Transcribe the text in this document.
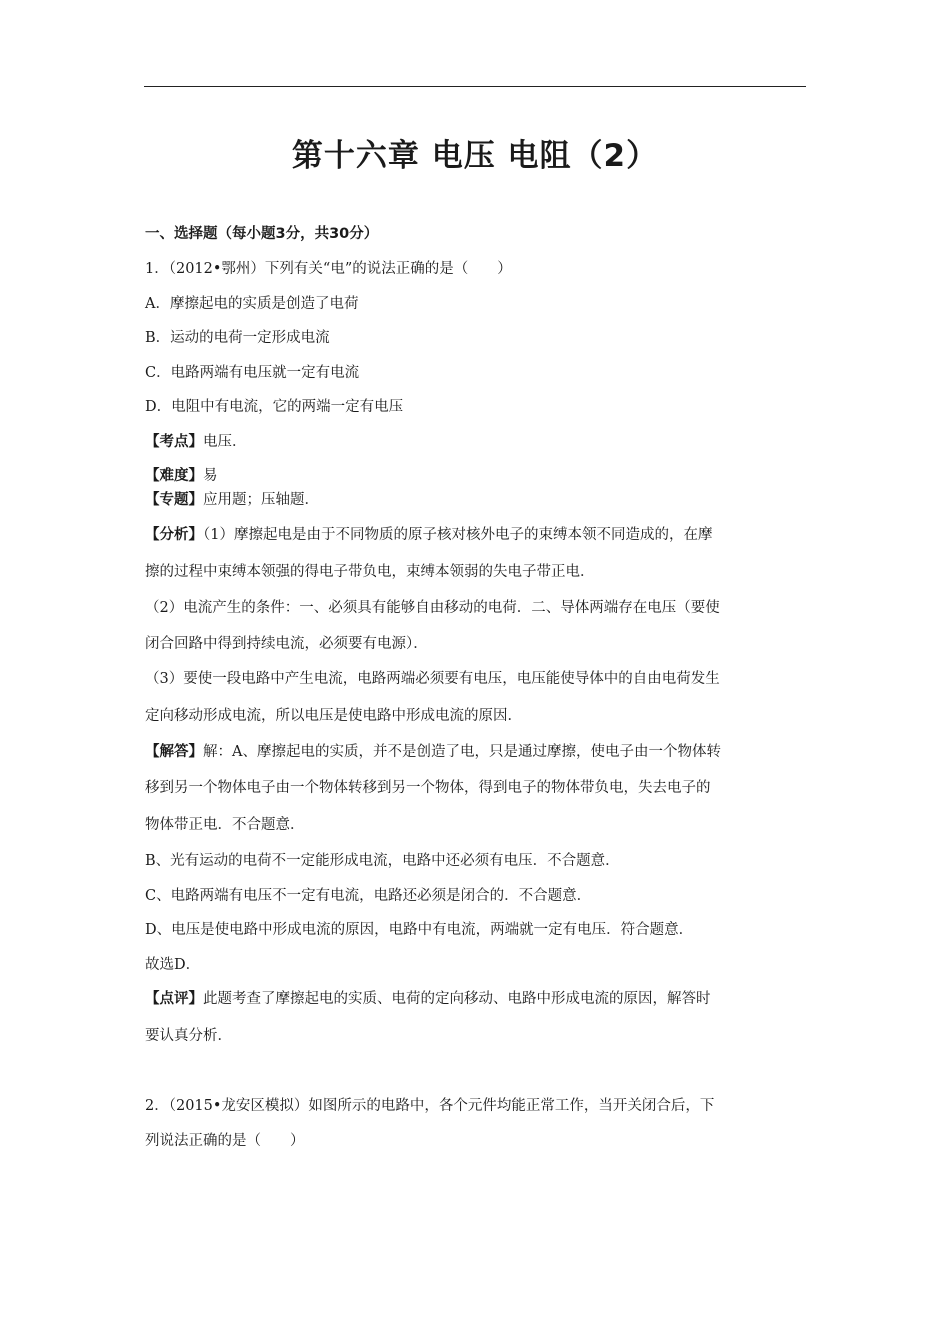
第十六章 电压 电阻（2）
一、选择题（每小题3分，共30分）
1．（2012•鄂州）下列有关“电”的说法正确的是（　　）
A．摩擦起电的实质是创造了电荷
B．运动的电荷一定形成电流
C．电路两端有电压就一定有电流
D．电阻中有电流，它的两端一定有电压
【考点】电压．
【难度】易
【专题】应用题；压轴题．
【分析】（1）摩擦起电是由于不同物质的原子核对核外电子的束缚本领不同造成的，在摩
擦的过程中束缚本领强的得电子带负电，束缚本领弱的失电子带正电．
（2）电流产生的条件：一、必须具有能够自由移动的电荷．二、导体两端存在电压（要使
闭合回路中得到持续电流，必须要有电源）．
（3）要使一段电路中产生电流，电路两端必须要有电压，电压能使导体中的自由电荷发生
定向移动形成电流，所以电压是使电路中形成电流的原因．
【解答】解：A、摩擦起电的实质，并不是创造了电，只是通过摩擦，使电子由一个物体转
移到另一个物体电子由一个物体转移到另一个物体，得到电子的物体带负电，失去电子的
物体带正电．不合题意．
B、光有运动的电荷不一定能形成电流，电路中还必须有电压．不合题意．
C、电路两端有电压不一定有电流，电路还必须是闭合的．不合题意．
D、电压是使电路中形成电流的原因，电路中有电流，两端就一定有电压．符合题意．
故选D．
【点评】此题考查了摩擦起电的实质、电荷的定向移动、电路中形成电流的原因，解答时
要认真分析．
2．（2015•龙安区模拟）如图所示的电路中，各个元件均能正常工作，当开关闭合后，下
列说法正确的是（　　）
